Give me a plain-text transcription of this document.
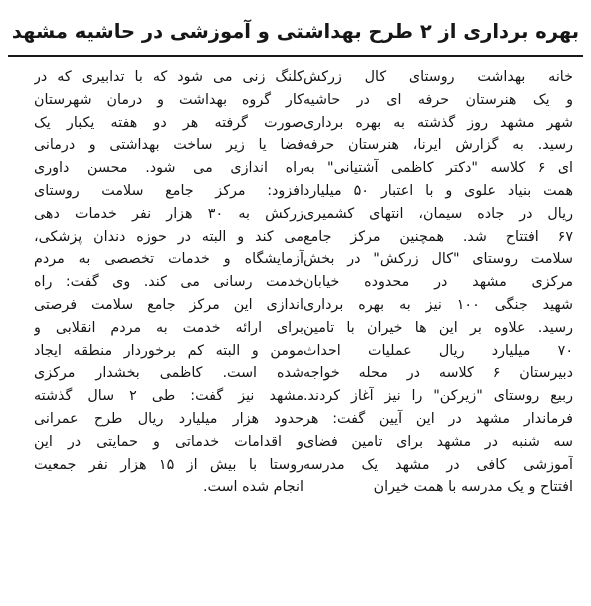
بهره برداری از ۲ طرح بهداشتی و آموزشی در حاشیه مشهد
خانه بهداشت روستای کال زرکش
و یک هنرستان حرفه ای در حاشیه
شهر مشهد روز گذشته به بهره برداری
رسید. به گزارش ایرنا، هنرستان حرفه
ای ۶ کلاسه "دکتر کاظمی آشتیانی" به
همت بنیاد علوی و با اعتبار ۵۰ میلیارد
ریال در جاده سیمان، انتهای کشمیری
۶۷ افتتاح شد. همچنین مرکز جامع
سلامت روستای "کال زرکش" در بخش
مرکزی مشهد در محدوده خیابان
شهید جنگی ۱۰۰ نیز به بهره برداری
رسید. علاوه بر این ها خیران با تامین
۷۰ میلیارد ریال عملیات احداث
دبیرستان ۶ کلاسه در محله خواجه
ربیع روستای "زیرکن" را نیز آغاز کردند.
فرماندار مشهد در این آیین گفت: هر
سه شنبه در مشهد برای تامین فضای
آموزشی کافی در مشهد یک مدرسه
افتتاح و یک مدرسه با همت خیران
کلنگ زنی می شود که با تدابیری که در
کار گروه بهداشت و درمان شهرستان
صورت گرفته هر دو هفته یکبار یک
فضا یا زیر ساخت بهداشتی و درمانی
راه اندازی می شود. محسن داوری
افزود: مرکز جامع سلامت روستای
زرکش به ۳۰ هزار نفر خدمات دهی
می کند و البته در حوزه دندان پزشکی،
آزمایشگاه و خدمات تخصصی به مردم
خدمت رسانی می کند. وی گفت: راه
اندازی این مرکز جامع سلامت فرصتی
برای ارائه خدمت به مردم انقلابی و
مومن و البته کم برخوردار منطقه ایجاد
شده است. کاظمی بخشدار مرکزی
مشهد نیز گفت: طی ۲ سال گذشته
حدود هزار میلیارد ریال طرح عمرانی
و اقدامات خدماتی و حمایتی در این
روستا با بیش از ۱۵ هزار نفر جمعیت
انجام شده است.
